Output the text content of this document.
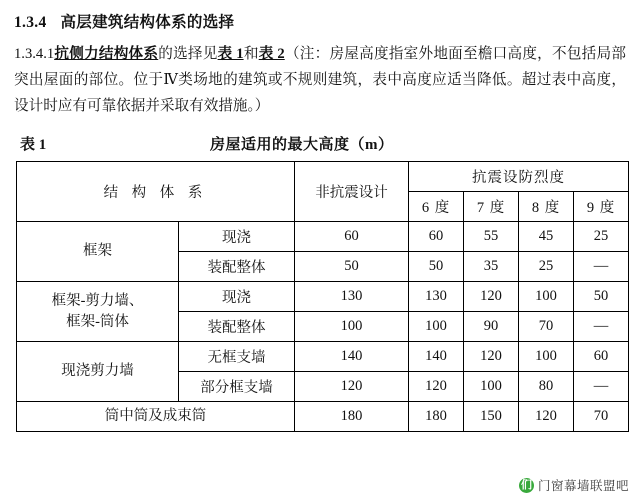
1.3.4 高层建筑结构体系的选择

1.3.4.1抗侧力结构体系的选择见表 1和表 2（注：房屋高度指室外地面至檐口高度，不包括局部突出屋面的部位。位于Ⅳ类场地的建筑或不规则建筑，表中高度应适当降低。超过表中高度，设计时应有可靠依据并采取有效措施。）

表 1	房屋适用的最大高度（m）
结 构 体 系		非抗震设计	抗震设防烈度			
			6 度	7 度	8 度	9 度
框架	现浇	60	60	55	45	25
	装配整体	50	50	35	25	—
框架-剪力墙、
框架-筒体	现浇	130	130	120	100	50
	装配整体	100	100	90	70	—
现浇剪力墙	无框支墙	140	140	120	100	60
	部分框支墙	120	120	100	80	—
筒中筒及成束筒		180	180	150	120	70
们 门窗幕墙联盟吧
